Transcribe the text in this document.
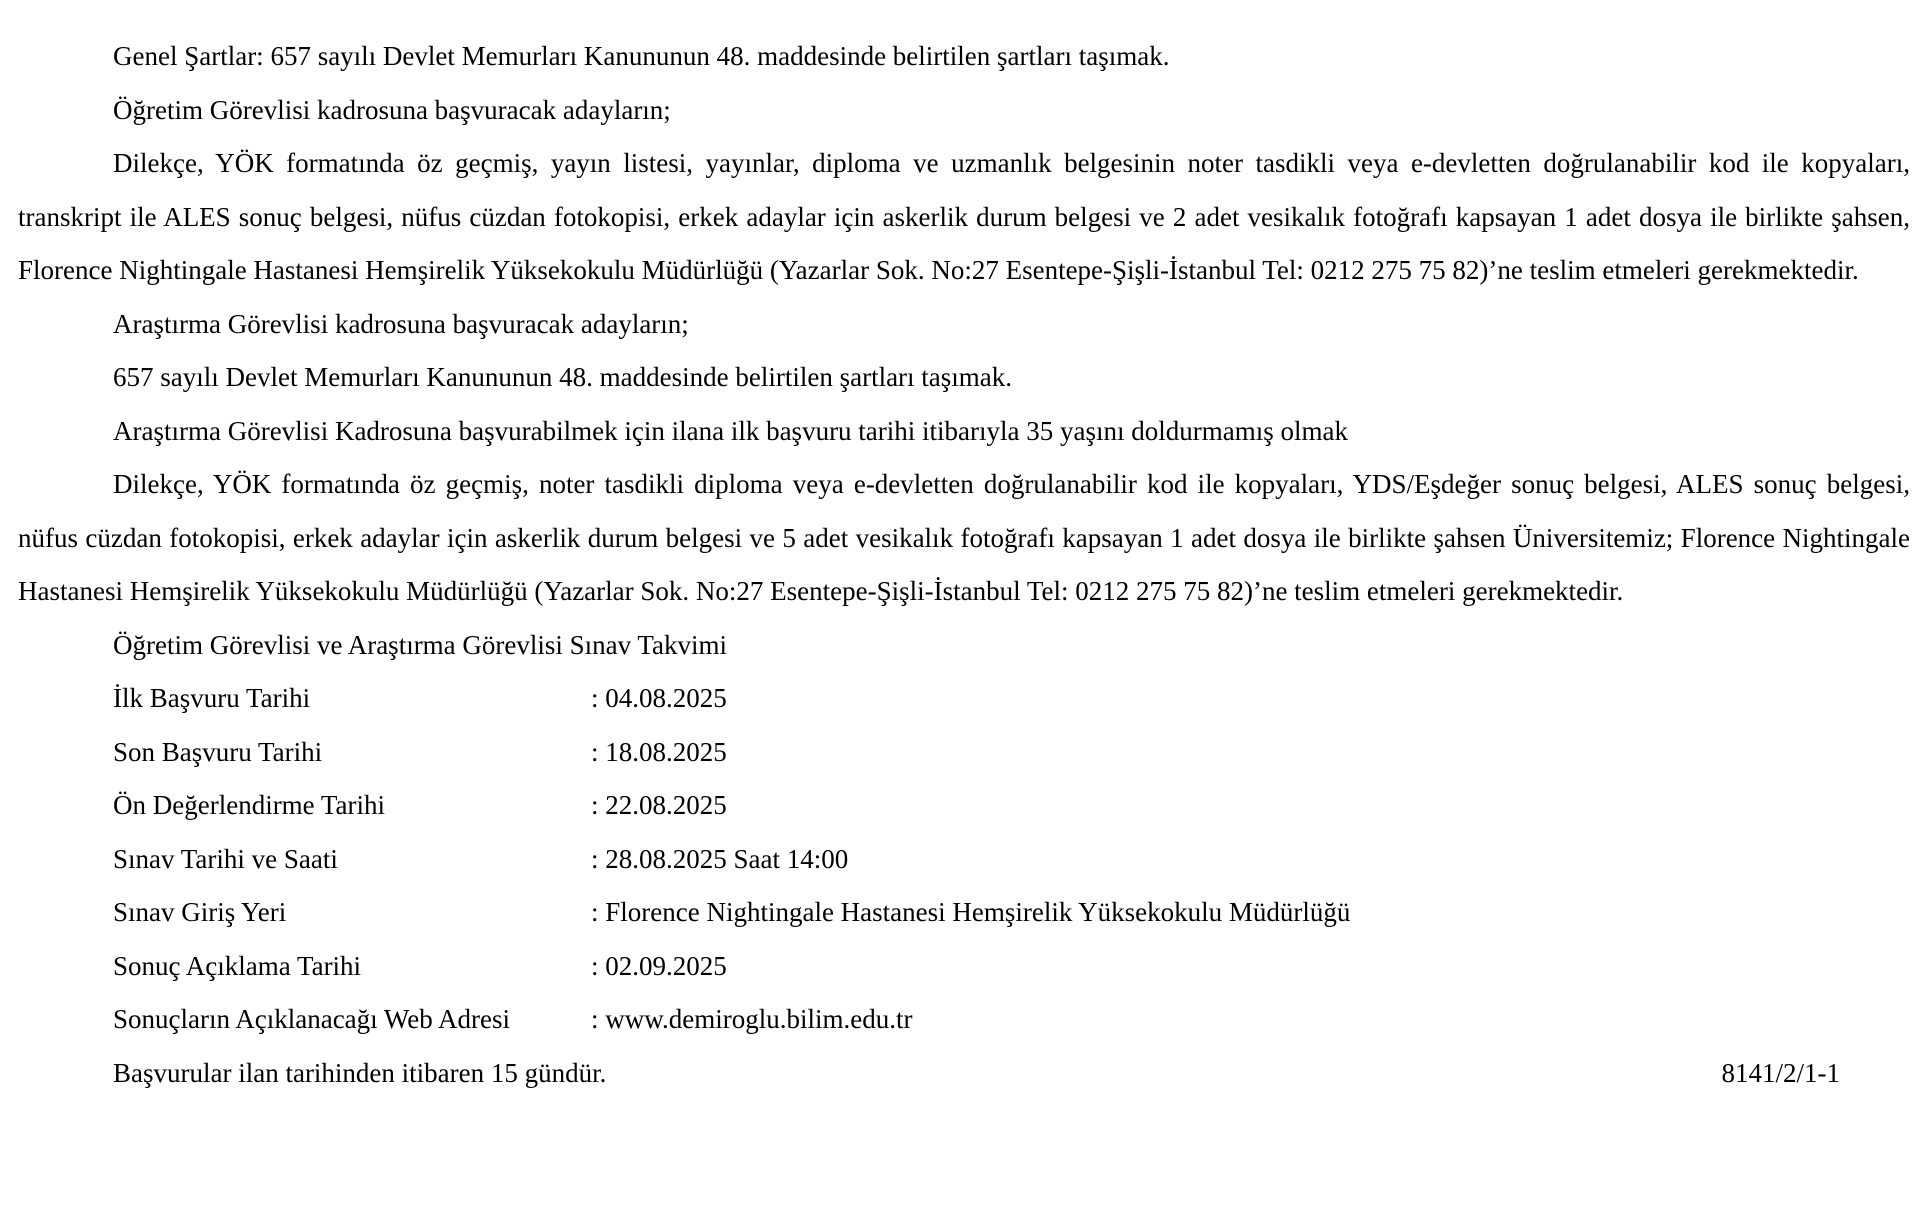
Genel Şartlar: 657 sayılı Devlet Memurları Kanununun 48. maddesinde belirtilen şartları taşımak.

Öğretim Görevlisi kadrosuna başvuracak adayların;

Dilekçe, YÖK formatında öz geçmiş, yayın listesi, yayınlar, diploma ve uzmanlık belgesinin noter tasdikli veya e-devletten doğrulanabilir kod ile kopyaları, transkript ile ALES sonuç belgesi, nüfus cüzdan fotokopisi, erkek adaylar için askerlik durum belgesi ve 2 adet vesikalık fotoğrafı kapsayan 1 adet dosya ile birlikte şahsen, Florence Nightingale Hastanesi Hemşirelik Yüksekokulu Müdürlüğü (Yazarlar Sok. No:27 Esentepe-Şişli-İstanbul Tel: 0212 275 75 82)’ne teslim etmeleri gerekmektedir.

Araştırma Görevlisi kadrosuna başvuracak adayların;

657 sayılı Devlet Memurları Kanununun 48. maddesinde belirtilen şartları taşımak.

Araştırma Görevlisi Kadrosuna başvurabilmek için ilana ilk başvuru tarihi itibarıyla 35 yaşını doldurmamış olmak

Dilekçe, YÖK formatında öz geçmiş, noter tasdikli diploma veya e-devletten doğrulanabilir kod ile kopyaları, YDS/Eşdeğer sonuç belgesi, ALES sonuç belgesi, nüfus cüzdan fotokopisi, erkek adaylar için askerlik durum belgesi ve 5 adet vesikalık fotoğrafı kapsayan 1 adet dosya ile birlikte şahsen Üniversitemiz; Florence Nightingale Hastanesi Hemşirelik Yüksekokulu Müdürlüğü (Yazarlar Sok. No:27 Esentepe-Şişli-İstanbul Tel: 0212 275 75 82)’ne teslim etmeleri gerekmektedir.

Öğretim Görevlisi ve Araştırma Görevlisi Sınav Takvimi

İlk Başvuru Tarihi	: 04.08.2025
Son Başvuru Tarihi	: 18.08.2025
Ön Değerlendirme Tarihi	: 22.08.2025
Sınav Tarihi ve Saati	: 28.08.2025 Saat 14:00
Sınav Giriş Yeri	: Florence Nightingale Hastanesi Hemşirelik Yüksekokulu Müdürlüğü
Sonuç Açıklama Tarihi	: 02.09.2025
Sonuçların Açıklanacağı Web Adresi	: www.demiroglu.bilim.edu.tr
Başvurular ilan tarihinden itibaren 15 gündür.	8141/2/1-1
